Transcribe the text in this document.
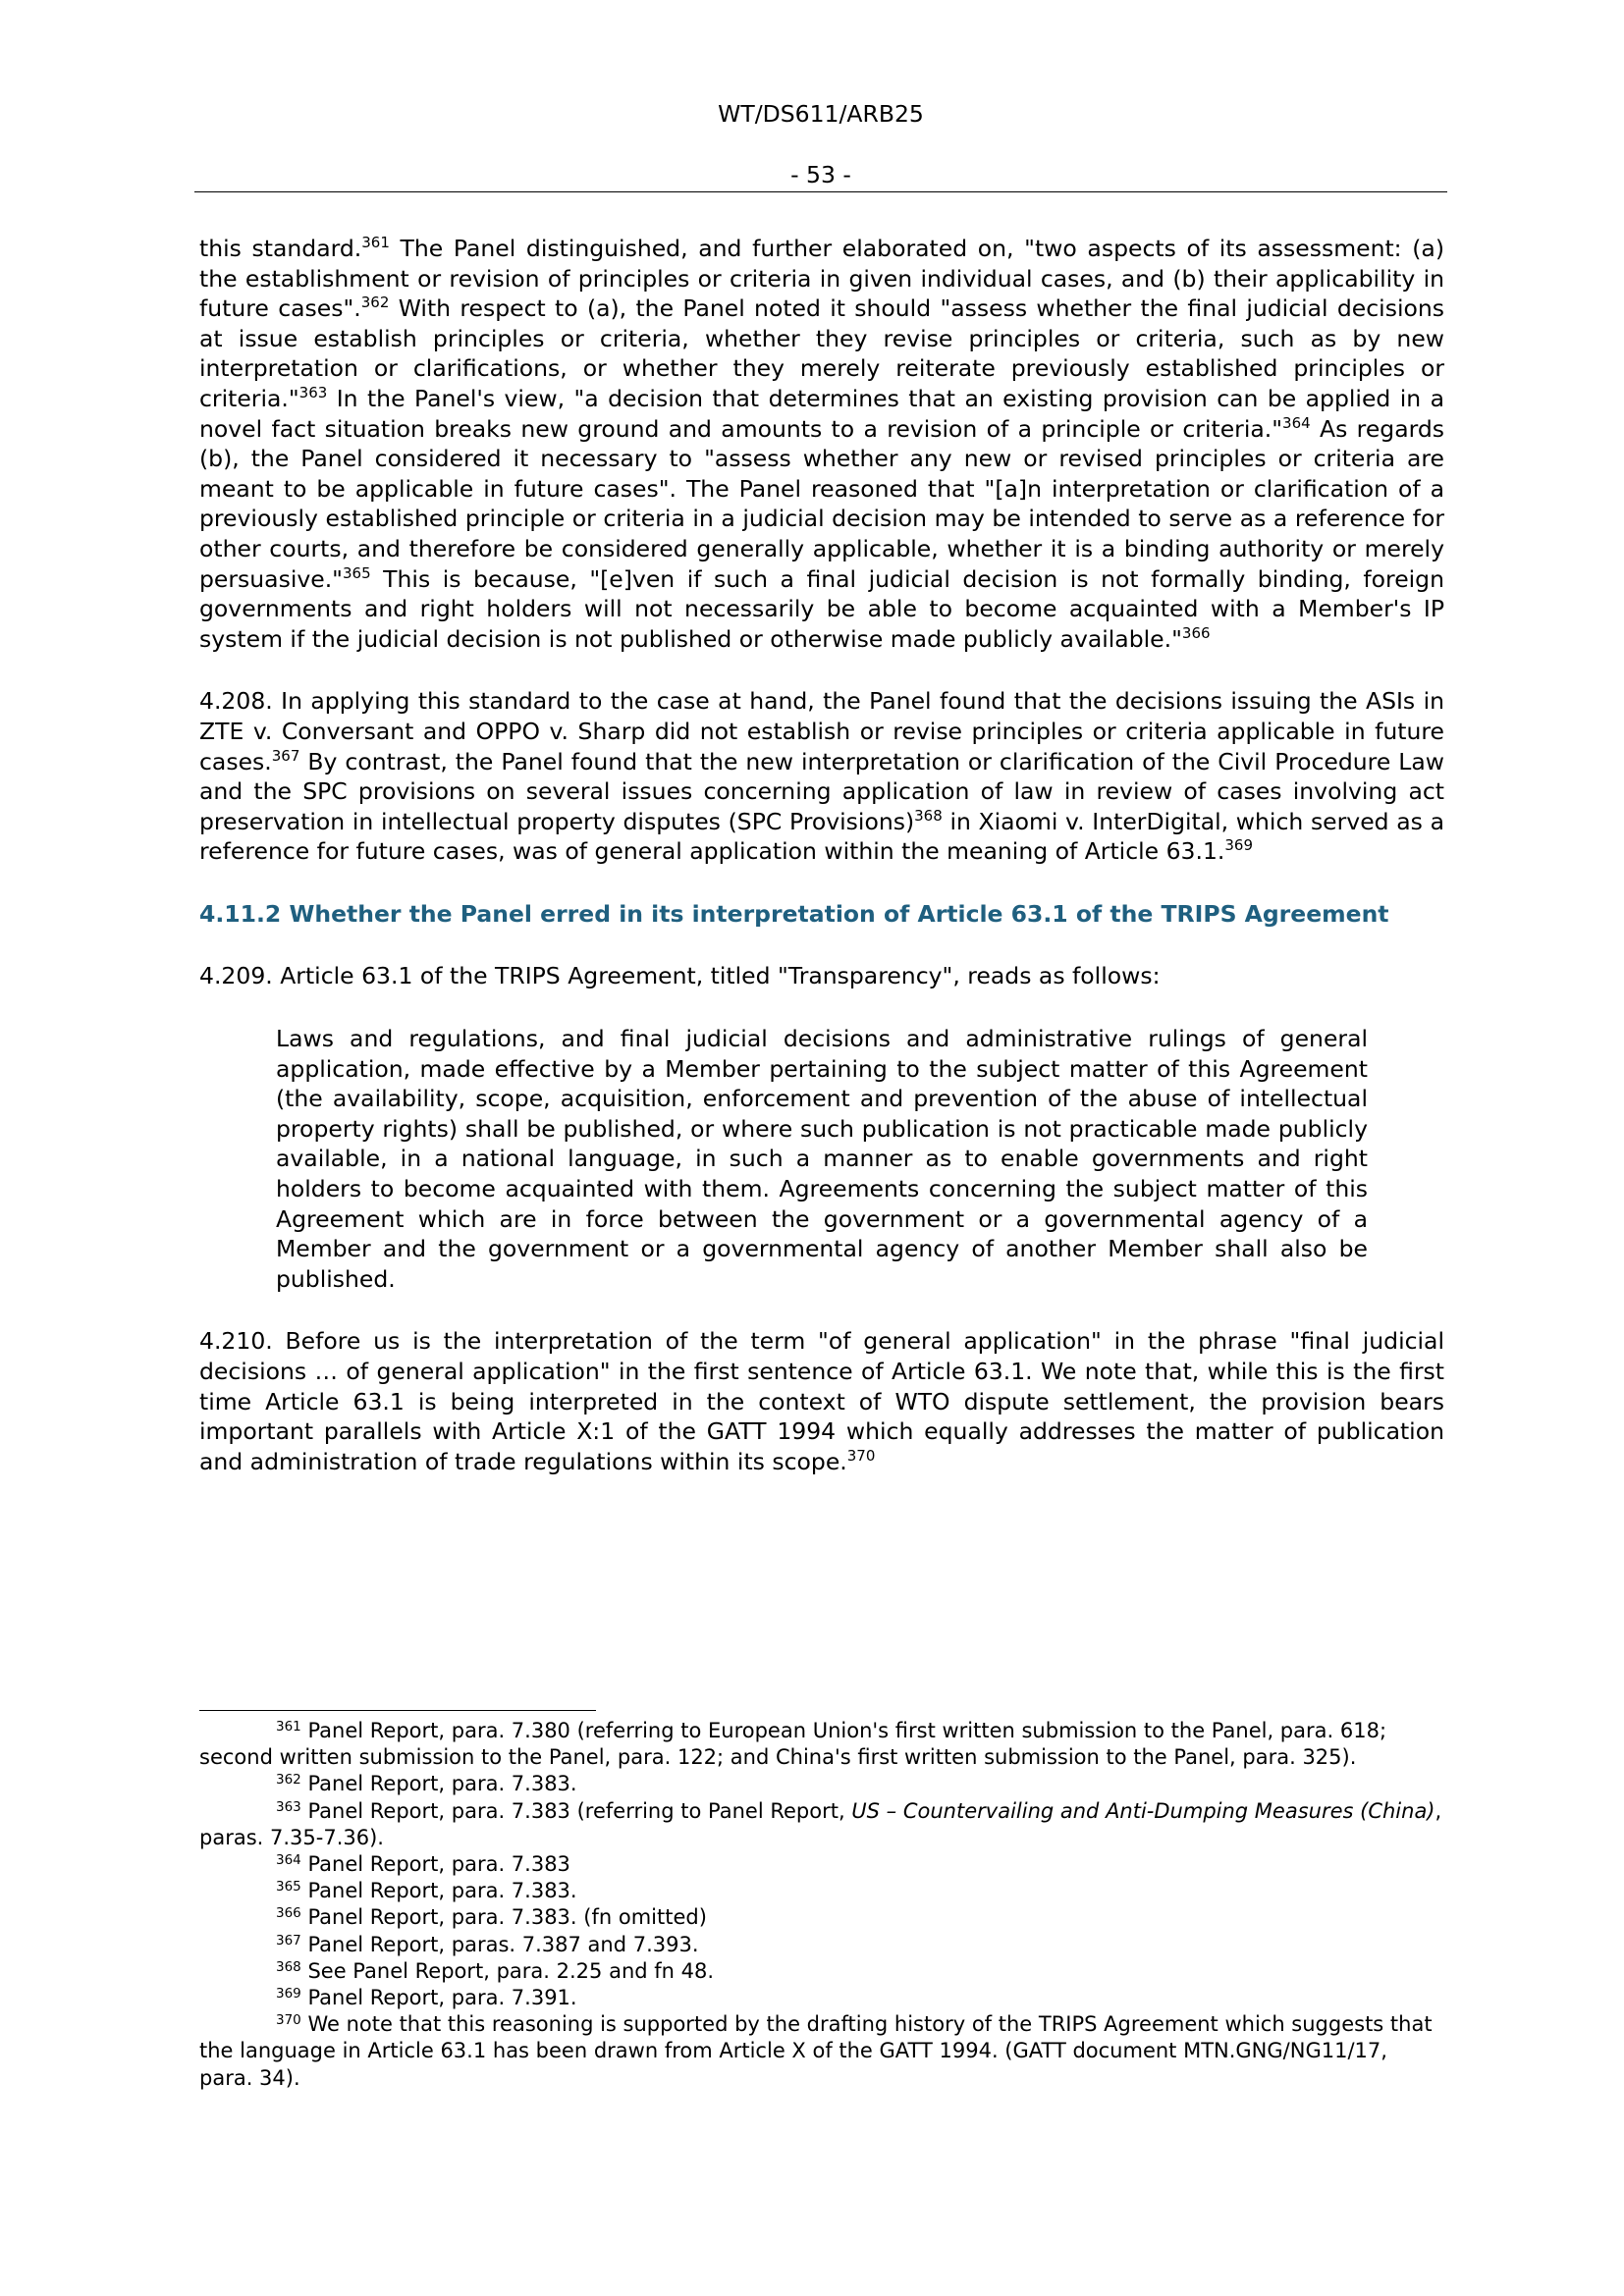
WT/DS611/ARB25
- 53 -

this standard.$^{361}$ The Panel distinguished, and further elaborated on, "two aspects of its assessment: (a) the establishment or revision of principles or criteria in given individual cases, and (b) their applicability in future cases".$^{362}$ With respect to (a), the Panel noted it should "assess whether the final judicial decisions at issue establish principles or criteria, whether they revise principles or criteria, such as by new interpretation or clarifications, or whether they merely reiterate previously established principles or criteria."$^{363}$ In the Panel's view, "a decision that determines that an existing provision can be applied in a novel fact situation breaks new ground and amounts to a revision of a principle or criteria."$^{364}$ As regards (b), the Panel considered it necessary to "assess whether any new or revised principles or criteria are meant to be applicable in future cases". The Panel reasoned that "[a]n interpretation or clarification of a previously established principle or criteria in a judicial decision may be intended to serve as a reference for other courts, and therefore be considered generally applicable, whether it is a binding authority or merely persuasive."$^{365}$ This is because, "[e]ven if such a final judicial decision is not formally binding, foreign governments and right holders will not necessarily be able to become acquainted with a Member's IP system if the judicial decision is not published or otherwise made publicly available."$^{366}$

4.208. In applying this standard to the case at hand, the Panel found that the decisions issuing the ASIs in ZTE v. Conversant and OPPO v. Sharp did not establish or revise principles or criteria applicable in future cases.$^{367}$ By contrast, the Panel found that the new interpretation or clarification of the Civil Procedure Law and the SPC provisions on several issues concerning application of law in review of cases involving act preservation in intellectual property disputes (SPC Provisions)$^{368}$ in Xiaomi v. InterDigital, which served as a reference for future cases, was of general application within the meaning of Article 63.1.$^{369}$

4.11.2 Whether the Panel erred in its interpretation of Article 63.1 of the TRIPS Agreement

4.209. Article 63.1 of the TRIPS Agreement, titled "Transparency", reads as follows:

Laws and regulations, and final judicial decisions and administrative rulings of general application, made effective by a Member pertaining to the subject matter of this Agreement (the availability, scope, acquisition, enforcement and prevention of the abuse of intellectual property rights) shall be published, or where such publication is not practicable made publicly available, in a national language, in such a manner as to enable governments and right holders to become acquainted with them. Agreements concerning the subject matter of this Agreement which are in force between the government or a governmental agency of a Member and the government or a governmental agency of another Member shall also be published.

4.210. Before us is the interpretation of the term "of general application" in the phrase "final judicial decisions … of general application" in the first sentence of Article 63.1. We note that, while this is the first time Article 63.1 is being interpreted in the context of WTO dispute settlement, the provision bears important parallels with Article X:1 of the GATT 1994 which equally addresses the matter of publication and administration of trade regulations within its scope.$^{370}$

$^{361}$ Panel Report, para. 7.380 (referring to European Union's first written submission to the Panel, para. 618; second written submission to the Panel, para. 122; and China's first written submission to the Panel, para. 325).

$^{362}$ Panel Report, para. 7.383.

$^{363}$ Panel Report, para. 7.383 (referring to Panel Report, US – Countervailing and Anti-Dumping Measures (China), paras. 7.35-7.36).

$^{364}$ Panel Report, para. 7.383

$^{365}$ Panel Report, para. 7.383.

$^{366}$ Panel Report, para. 7.383. (fn omitted)

$^{367}$ Panel Report, paras. 7.387 and 7.393.

$^{368}$ See Panel Report, para. 2.25 and fn 48.

$^{369}$ Panel Report, para. 7.391.

$^{370}$ We note that this reasoning is supported by the drafting history of the TRIPS Agreement which suggests that the language in Article 63.1 has been drawn from Article X of the GATT 1994. (GATT document MTN.GNG/NG11/17, para. 34).
